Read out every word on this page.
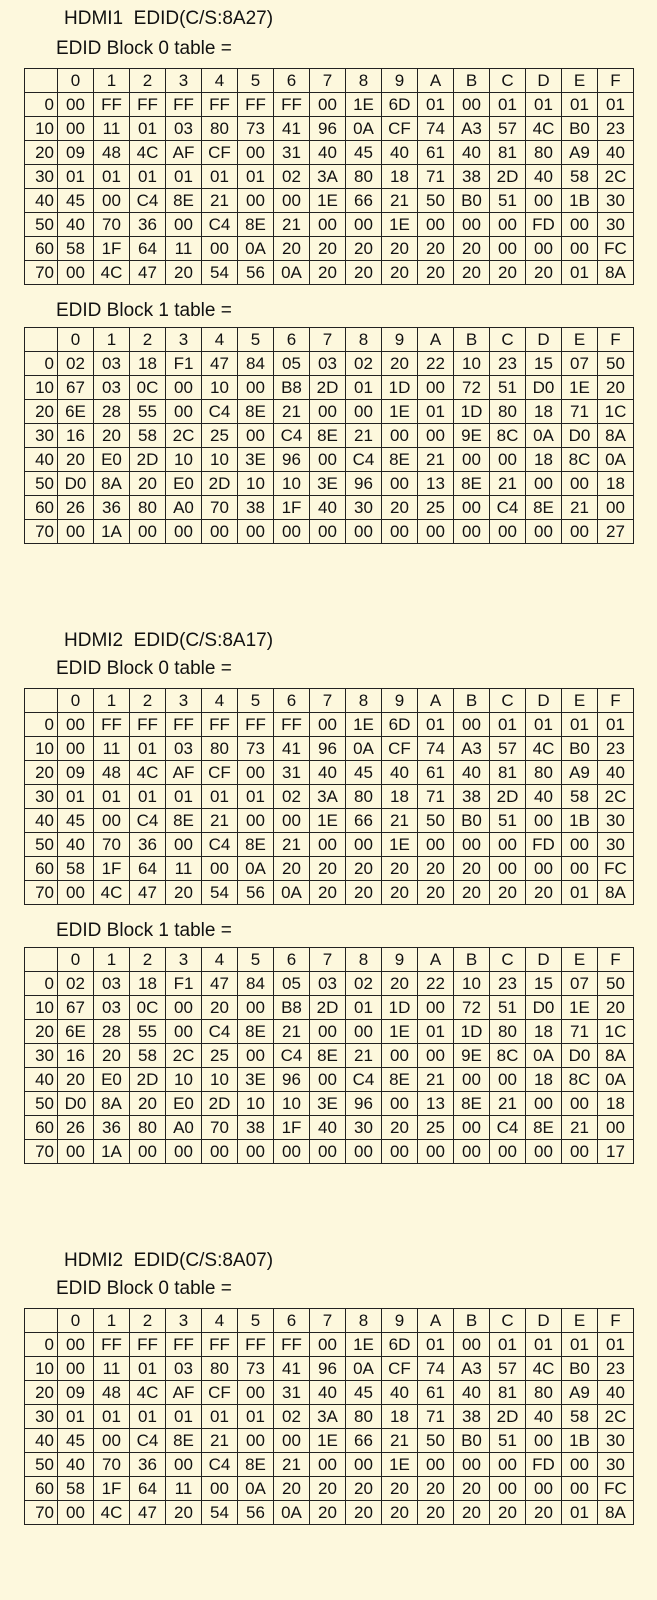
HDMI1  EDID(C/S:8A27)
EDID Block 0 table =
	0	1	2	3	4	5	6	7	8	9	A	B	C	D	E	F
0	00	FF	FF	FF	FF	FF	FF	00	1E	6D	01	00	01	01	01	01
10	00	11	01	03	80	73	41	96	0A	CF	74	A3	57	4C	B0	23
20	09	48	4C	AF	CF	00	31	40	45	40	61	40	81	80	A9	40
30	01	01	01	01	01	01	02	3A	80	18	71	38	2D	40	58	2C
40	45	00	C4	8E	21	00	00	1E	66	21	50	B0	51	00	1B	30
50	40	70	36	00	C4	8E	21	00	00	1E	00	00	00	FD	00	30
60	58	1F	64	11	00	0A	20	20	20	20	20	20	00	00	00	FC
70	00	4C	47	20	54	56	0A	20	20	20	20	20	20	20	01	8A
EDID Block 1 table =
	0	1	2	3	4	5	6	7	8	9	A	B	C	D	E	F
0	02	03	18	F1	47	84	05	03	02	20	22	10	23	15	07	50
10	67	03	0C	00	10	00	B8	2D	01	1D	00	72	51	D0	1E	20
20	6E	28	55	00	C4	8E	21	00	00	1E	01	1D	80	18	71	1C
30	16	20	58	2C	25	00	C4	8E	21	00	00	9E	8C	0A	D0	8A
40	20	E0	2D	10	10	3E	96	00	C4	8E	21	00	00	18	8C	0A
50	D0	8A	20	E0	2D	10	10	3E	96	00	13	8E	21	00	00	18
60	26	36	80	A0	70	38	1F	40	30	20	25	00	C4	8E	21	00
70	00	1A	00	00	00	00	00	00	00	00	00	00	00	00	00	27
HDMI2  EDID(C/S:8A17)
EDID Block 0 table =
	0	1	2	3	4	5	6	7	8	9	A	B	C	D	E	F
0	00	FF	FF	FF	FF	FF	FF	00	1E	6D	01	00	01	01	01	01
10	00	11	01	03	80	73	41	96	0A	CF	74	A3	57	4C	B0	23
20	09	48	4C	AF	CF	00	31	40	45	40	61	40	81	80	A9	40
30	01	01	01	01	01	01	02	3A	80	18	71	38	2D	40	58	2C
40	45	00	C4	8E	21	00	00	1E	66	21	50	B0	51	00	1B	30
50	40	70	36	00	C4	8E	21	00	00	1E	00	00	00	FD	00	30
60	58	1F	64	11	00	0A	20	20	20	20	20	20	00	00	00	FC
70	00	4C	47	20	54	56	0A	20	20	20	20	20	20	20	01	8A
EDID Block 1 table =
	0	1	2	3	4	5	6	7	8	9	A	B	C	D	E	F
0	02	03	18	F1	47	84	05	03	02	20	22	10	23	15	07	50
10	67	03	0C	00	20	00	B8	2D	01	1D	00	72	51	D0	1E	20
20	6E	28	55	00	C4	8E	21	00	00	1E	01	1D	80	18	71	1C
30	16	20	58	2C	25	00	C4	8E	21	00	00	9E	8C	0A	D0	8A
40	20	E0	2D	10	10	3E	96	00	C4	8E	21	00	00	18	8C	0A
50	D0	8A	20	E0	2D	10	10	3E	96	00	13	8E	21	00	00	18
60	26	36	80	A0	70	38	1F	40	30	20	25	00	C4	8E	21	00
70	00	1A	00	00	00	00	00	00	00	00	00	00	00	00	00	17
HDMI2  EDID(C/S:8A07)
EDID Block 0 table =
	0	1	2	3	4	5	6	7	8	9	A	B	C	D	E	F
0	00	FF	FF	FF	FF	FF	FF	00	1E	6D	01	00	01	01	01	01
10	00	11	01	03	80	73	41	96	0A	CF	74	A3	57	4C	B0	23
20	09	48	4C	AF	CF	00	31	40	45	40	61	40	81	80	A9	40
30	01	01	01	01	01	01	02	3A	80	18	71	38	2D	40	58	2C
40	45	00	C4	8E	21	00	00	1E	66	21	50	B0	51	00	1B	30
50	40	70	36	00	C4	8E	21	00	00	1E	00	00	00	FD	00	30
60	58	1F	64	11	00	0A	20	20	20	20	20	20	00	00	00	FC
70	00	4C	47	20	54	56	0A	20	20	20	20	20	20	20	01	8A
